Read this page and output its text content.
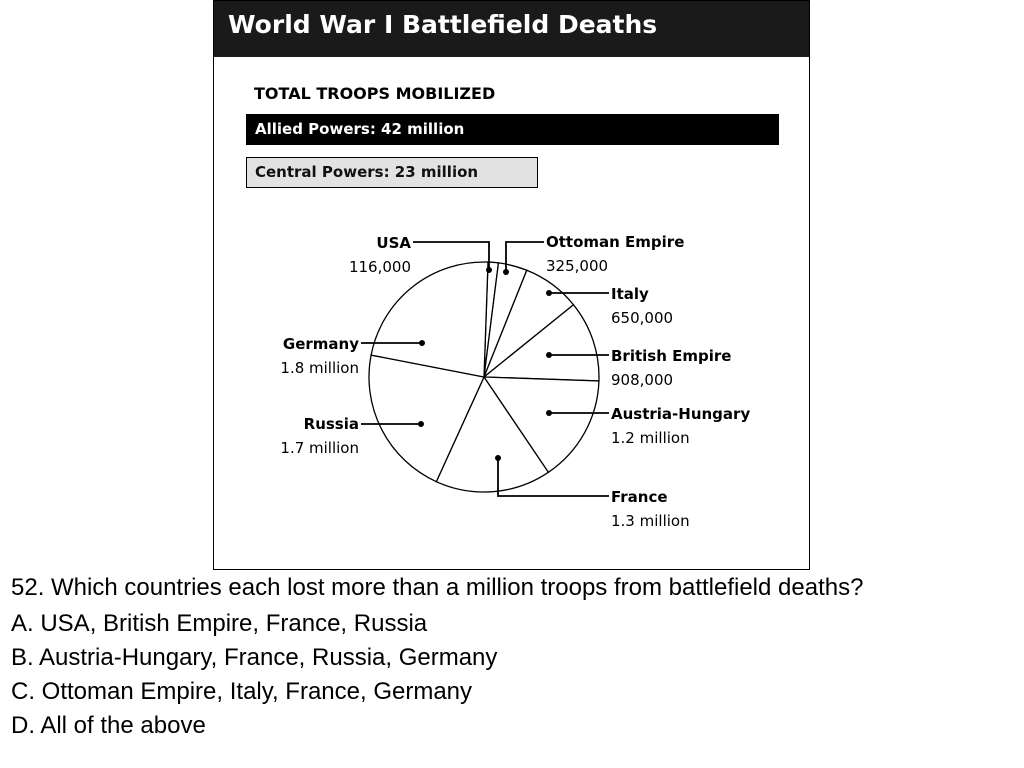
World War I Battlefield Deaths
TOTAL TROOPS MOBILIZED
Allied Powers: 42 million
Central Powers: 23 million
USA
116,000
Ottoman Empire
325,000
Italy
650,000
British Empire
908,000
Austria-Hungary
1.2 million
France
1.3 million
Russia
1.7 million
Germany
1.8 million
52. Which countries each lost more than a million troops from battlefield deaths?
A. USA, British Empire, France, Russia
B. Austria-Hungary, France, Russia, Germany
C. Ottoman Empire, Italy, France, Germany
D. All of the above
